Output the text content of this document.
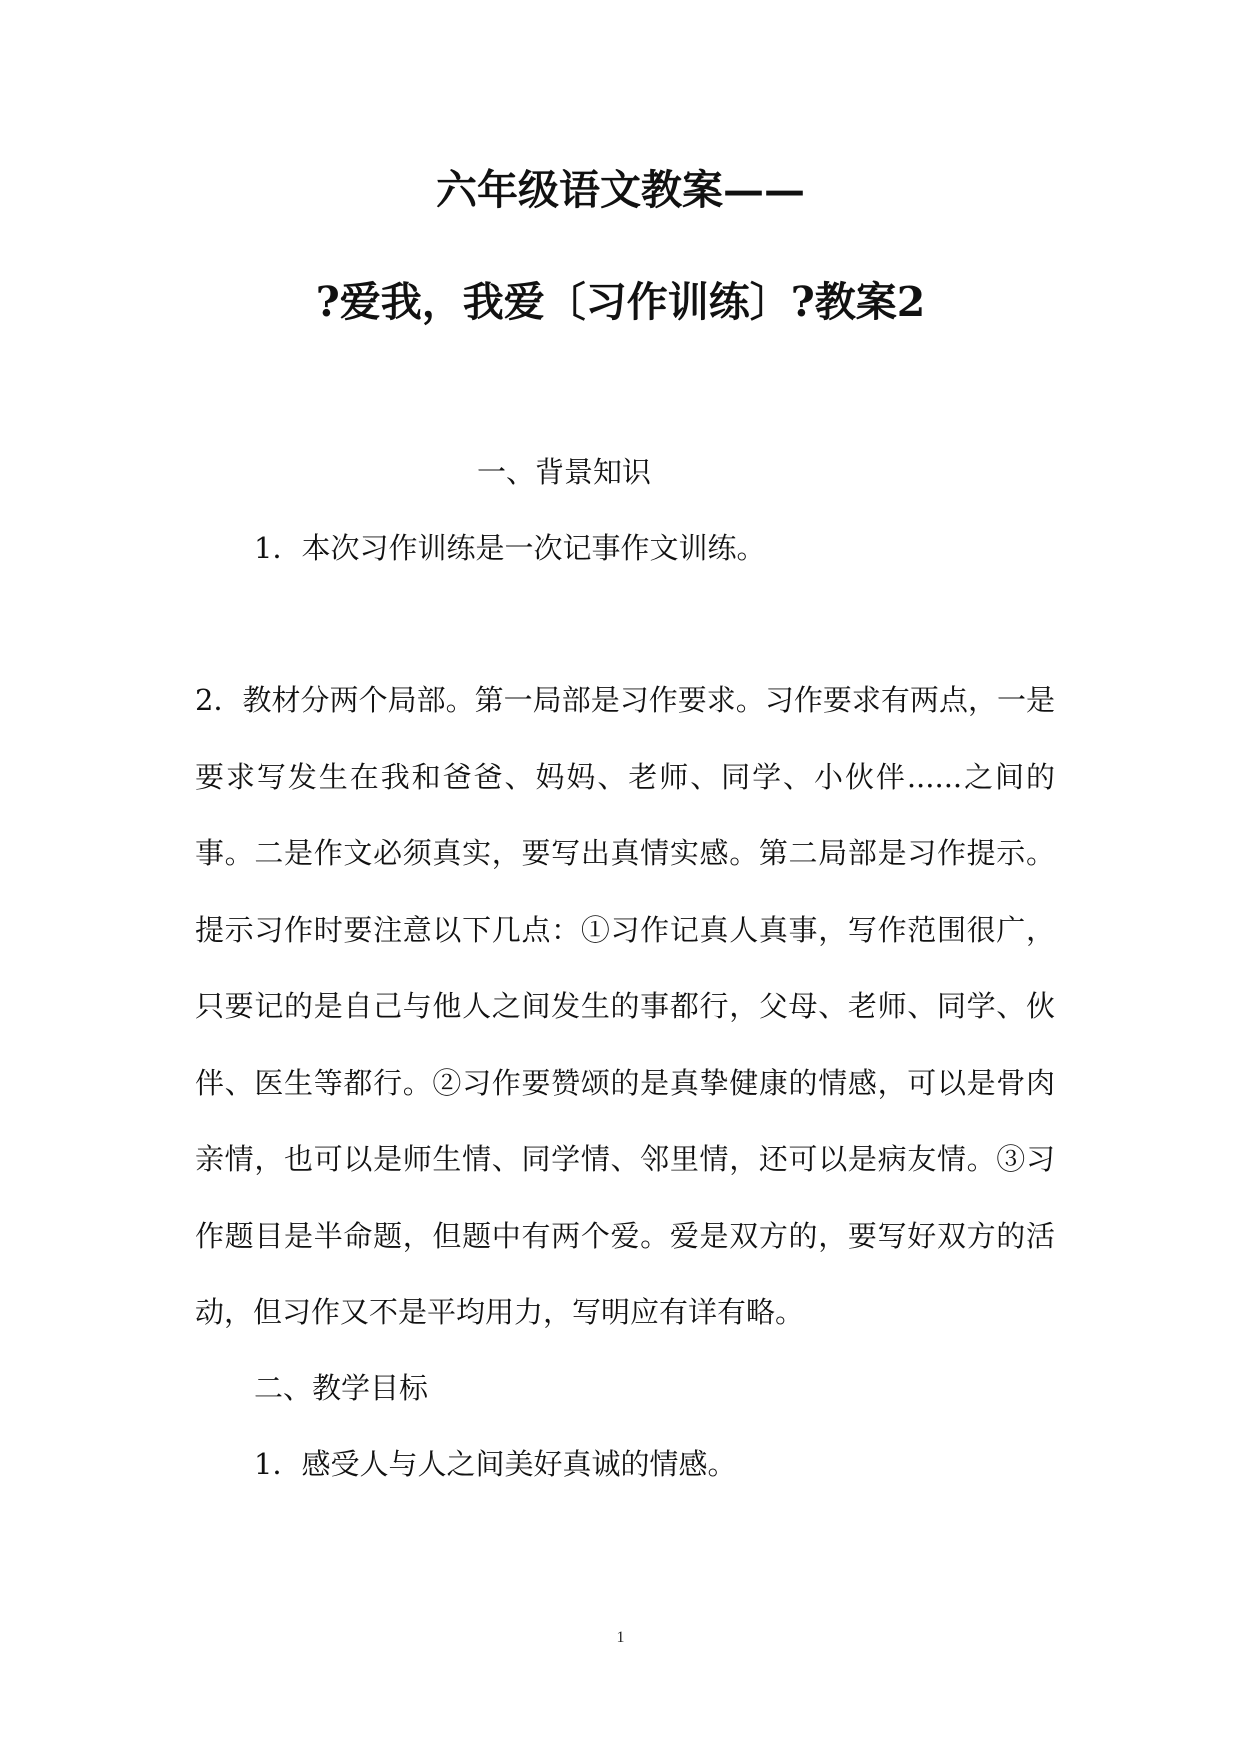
六年级语文教案——
?爱我，我爱〔习作训练〕?教案2
一、背景知识
1．本次习作训练是一次记事作文训练。
2．教材分两个局部。第一局部是习作要求。习作要求有两点，一是要求写发生在我和爸爸、妈妈、老师、同学、小伙伴......之间的事。二是作文必须真实，要写出真情实感。第二局部是习作提示。提示习作时要注意以下几点：①习作记真人真事，写作范围很广，只要记的是自己与他人之间发生的事都行，父母、老师、同学、伙伴、医生等都行。②习作要赞颂的是真挚健康的情感，可以是骨肉亲情，也可以是师生情、同学情、邻里情，还可以是病友情。③习作题目是半命题，但题中有两个爱。爱是双方的，要写好双方的活动，但习作又不是平均用力，写明应有详有略。
二、教学目标
1．感受人与人之间美好真诚的情感。
1
